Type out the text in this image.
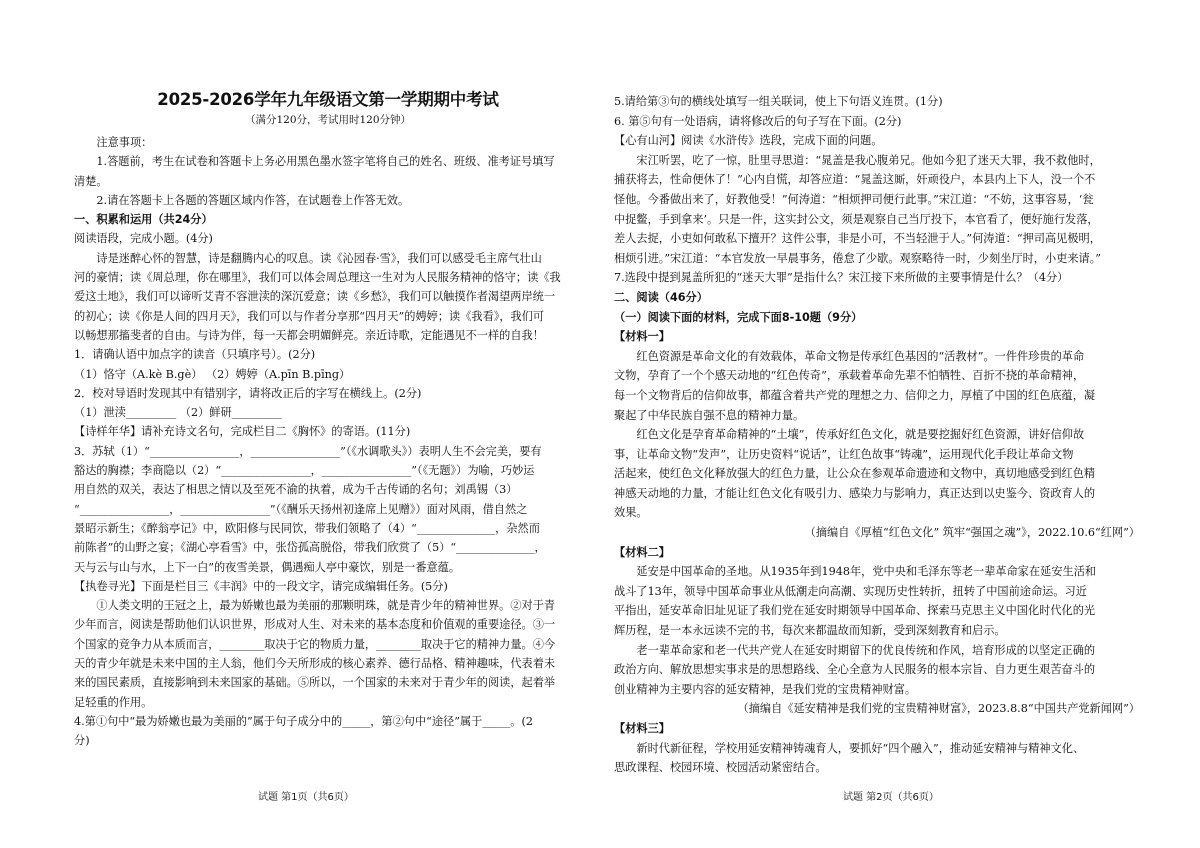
2025-2026学年九年级语文第一学期期中考试
（满分120分，考试用时120分钟）

注意事项：

1.答题前，考生在试卷和答题卡上务必用黑色墨水签字笔将自己的姓名、班级、准考证号填写

清楚。

2.请在答题卡上各题的答题区域内作答，在试题卷上作答无效。

一、积累和运用（共24分）

阅读语段，完成小题。(4分)

诗是迷醉心怀的智慧，诗是翻腾内心的叹息。读《沁园春·雪》，我们可以感受毛主席气壮山

河的豪情；读《周总理，你在哪里》，我们可以体会周总理这一生对为人民服务精神的恪守；读《我

爱这土地》，我们可以谛听艾青不容泄渎的深沉爱意；读《乡愁》，我们可以触摸作者渴望两岸统一

的初心；读《你是人间的四月天》，我们可以与作者分享那“四月天”的娉婷；读《我看》，我们可

以畅想那搐斐者的自由。与诗为伴，每一天都会明媚鲜亮。亲近诗歌，定能遇见不一样的自我！

1．请确认语中加点字的读音（只填序号）。(2分)

（1）恪守（A.kè B.gè） （2）娉婷（A.pīn B.pīng）

2．校对导语时发现其中有错别字，请将改正后的字写在横线上。(2分)

（1）泄渎_________ （2）鲜研_________

【诗样年华】请补充诗文名句，完成栏目二《胸怀》的寄语。(11分)

3．苏轼（1）“________________，________________”（《水调歌头》）表明人生不会完美，要有

豁达的胸襟；李商隐以（2）“________________，________________”（《无题》）为喻，巧妙运

用自然的双关，表达了相思之情以及至死不渝的执着，成为千古传诵的名句；刘禹锡（3）

“________________，________________”（《酬乐天扬州初逢席上见赠》）面对风雨，借自然之

景昭示新生；《醉翁亭记》中，欧阳修与民同饮，带我们领略了（4）“______________，杂然而

前陈者”的山野之宴；《湖心亭看雪》中，张岱孤高脱俗，带我们欣赏了（5）“______________，

天与云与山与水，上下一白”的夜雪美景，偶遇痴人亭中豪饮，别是一番意蕴。

【执卷寻光】下面是栏目三《丰润》中的一段文字，请完成编辑任务。(5分)

①人类文明的王冠之上，最为娇嫩也最为美丽的那颗明珠，就是青少年的精神世界。②对于青

少年而言，阅读是帮助他们认识世界，形成对人生、对未来的基本态度和价值观的重要途径。③一

个国家的竞争力从本质而言，________取决于它的物质力量，________取决于它的精神力量。④今

天的青少年就是未来中国的主人翁，他们今天所形成的核心素养、德行品格、精神趣味，代表着未

来的国民素质，直接影响到未来国家的基础。⑤所以，一个国家的未来对于青少年的阅读，起着举

足轻重的作用。

4.第①句中“最为娇嫩也最为美丽的”属于句子成分中的_____，第②句中“途径”属于_____。(2

分)

5.请给第③句的横线处填写一组关联词，使上下句语义连贯。(1分)

6. 第⑤句有一处语病，请将修改后的句子写在下面。(2分)

【心有山河】阅读《水浒传》选段，完成下面的问题。

宋江听罢，吃了一惊，肚里寻思道：“晁盖是我心腹弟兄。他如今犯了迷天大罪，我不救他时，

捕获将去，性命便休了！”心内自慌，却答应道：“晁盖这厮，奸顽役户，本县内上下人，没一个不

怪他。今番做出来了，好教他受！”何涛道：“相烦押司便行此事。”宋江道：“不妨，这事容易，‘瓮

中捉鳖，手到拿来’。只是一件，这实封公文，须是观察自己当厅投下，本官看了，便好施行发落，

差人去捉，小吏如何敢私下擅开？这件公事，非是小可，不当轻泄于人。”何涛道：“押司高见极明，

相烦引进。”宋江道：“本官发放一早晨事务，倦怠了少歇。观察略待一时，少刻坐厅时，小吏来请。”

7.选段中提到晁盖所犯的“迷天大罪”是指什么？宋江接下来所做的主要事情是什么？（4分）

二、阅读（46分）

（一）阅读下面的材料，完成下面8-10题（9分）

【材料一】

红色资源是革命文化的有效载体，革命文物是传承红色基因的“活教材”。一件件珍贵的革命

文物，孕育了一个个感天动地的“红色传奇”，承载着革命先辈不怕牺牲、百折不挠的革命精神，

每一个文物背后的信仰故事，都蕴含着共产党的理想之力、信仰之力，厚植了中国的红色底蕴，凝

聚起了中华民族自强不息的精神力量。

红色文化是孕育革命精神的“土壤”，传承好红色文化，就是要挖掘好红色资源，讲好信仰故

事，让革命文物“发声”，让历史资料“说话”，让红色故事“铸魂”，运用现代化手段让革命文物

活起来，使红色文化释放强大的红色力量，让公众在参观革命遗迹和文物中，真切地感受到红色精

神感天动地的力量，才能让红色文化有吸引力、感染力与影响力，真正达到以史鉴今、资政育人的

效果。

（摘编自《厚植“红色文化” 筑牢“强国之魂”》，2022.10.6“红网”）

【材料二】

延安是中国革命的圣地。从1935年到1948年，党中央和毛泽东等老一辈革命家在延安生活和

战斗了13年，领导中国革命事业从低潮走向高潮、实现历史性转折，扭转了中国前途命运。习近

平指出，延安革命旧址见证了我们党在延安时期领导中国革命、探索马克思主义中国化时代化的光

辉历程，是一本永远读不完的书，每次来都温故而知新，受到深刻教育和启示。

老一辈革命家和老一代共产党人在延安时期留下的优良传统和作风，培育形成的以坚定正确的

政治方向、解放思想实事求是的思想路线、全心全意为人民服务的根本宗旨、自力更生艰苦奋斗的

创业精神为主要内容的延安精神，是我们党的宝贵精神财富。

（摘编自《延安精神是我们党的宝贵精神财富》，2023.8.8“中国共产党新闻网”）

【材料三】

新时代新征程，学校用延安精神铸魂育人，要抓好“四个融入”，推动延安精神与精神文化、

思政课程、校园环境、校园活动紧密结合。

试题 第1页（共6页）	试题 第2页（共6页）
